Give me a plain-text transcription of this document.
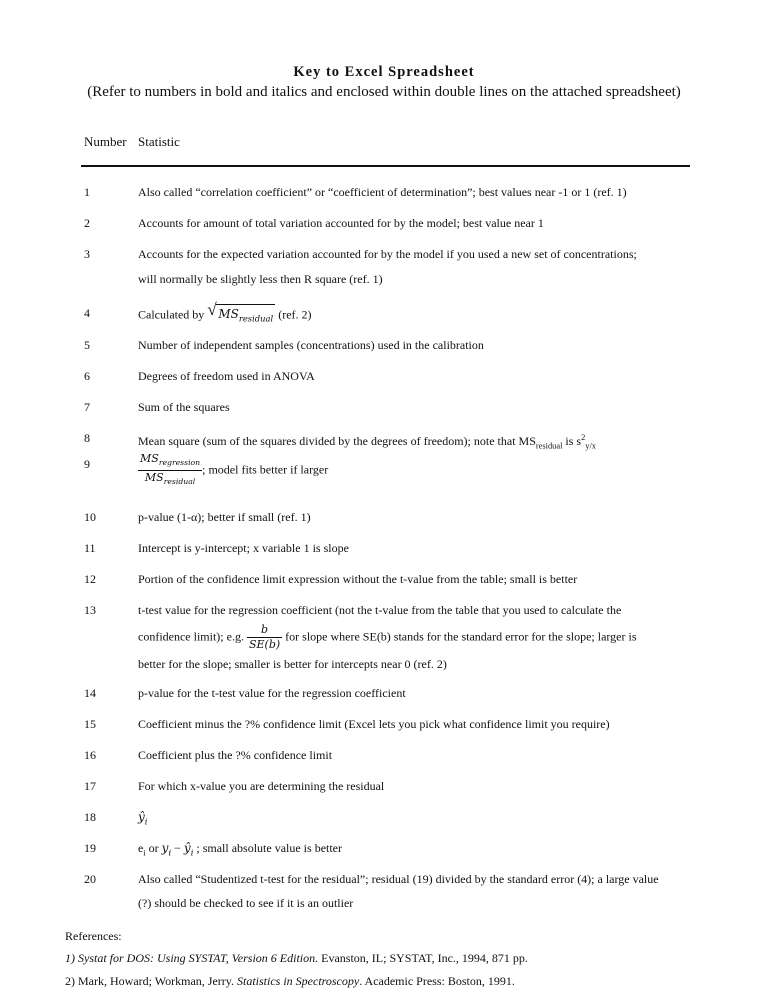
Key to Excel Spreadsheet
(Refer to numbers in bold and italics and enclosed within double lines on the attached spreadsheet)
Number Statistic
1	Also called “correlation coefficient” or “coefficient of determination”; best values near -1 or 1 (ref. 1)
2	Accounts for amount of total variation accounted for by the model; best value near 1
3	Accounts for the expected variation accounted for by the model if you used a new set of concentrations;
will normally be slightly less then R square (ref. 1)
4	Calculated by √ $MS_{residual}$ (ref. 2)
5	Number of independent samples (concentrations) used in the calibration
6	Degrees of freedom used in ANOVA
7	Sum of the squares
8	Mean square (sum of the squares divided by the degrees of freedom); note that $MS_{residual}$ is $s^2_{y/x}$
9	$\frac{MS_{regression}}{MS_{residual}}$ ; model fits better if larger
10	p-value (1-α); better if small (ref. 1)
11	Intercept is y-intercept; x variable 1 is slope
12	Portion of the confidence limit expression without the t-value from the table; small is better
13	t-test value for the regression coefficient (not the t-value from the table that you used to calculate the
confidence limit); e.g. $\frac{b}{SE(b)}$ for slope where SE(b) stands for the standard error for the slope; larger is
better for the slope; smaller is better for intercepts near 0 (ref. 2)
14	p-value for the t-test value for the regression coefficient
15	Coefficient minus the ?% confidence limit (Excel lets you pick what confidence limit you require)
16	Coefficient plus the ?% confidence limit
17	For which x-value you are determining the residual
18	$ŷ_i$
19	$e_i$ or $y_i$ − $ŷ_i$ ; small absolute value is better
20	Also called “Studentized t-test for the residual”; residual (19) divided by the standard error (4); a large value
(?) should be checked to see if it is an outlier
References:
1) Systat for DOS: Using SYSTAT, Version 6 Edition. Evanston, IL; SYSTAT, Inc., 1994, 871 pp.
2) Mark, Howard; Workman, Jerry. Statistics in Spectroscopy. Academic Press: Boston, 1991.
